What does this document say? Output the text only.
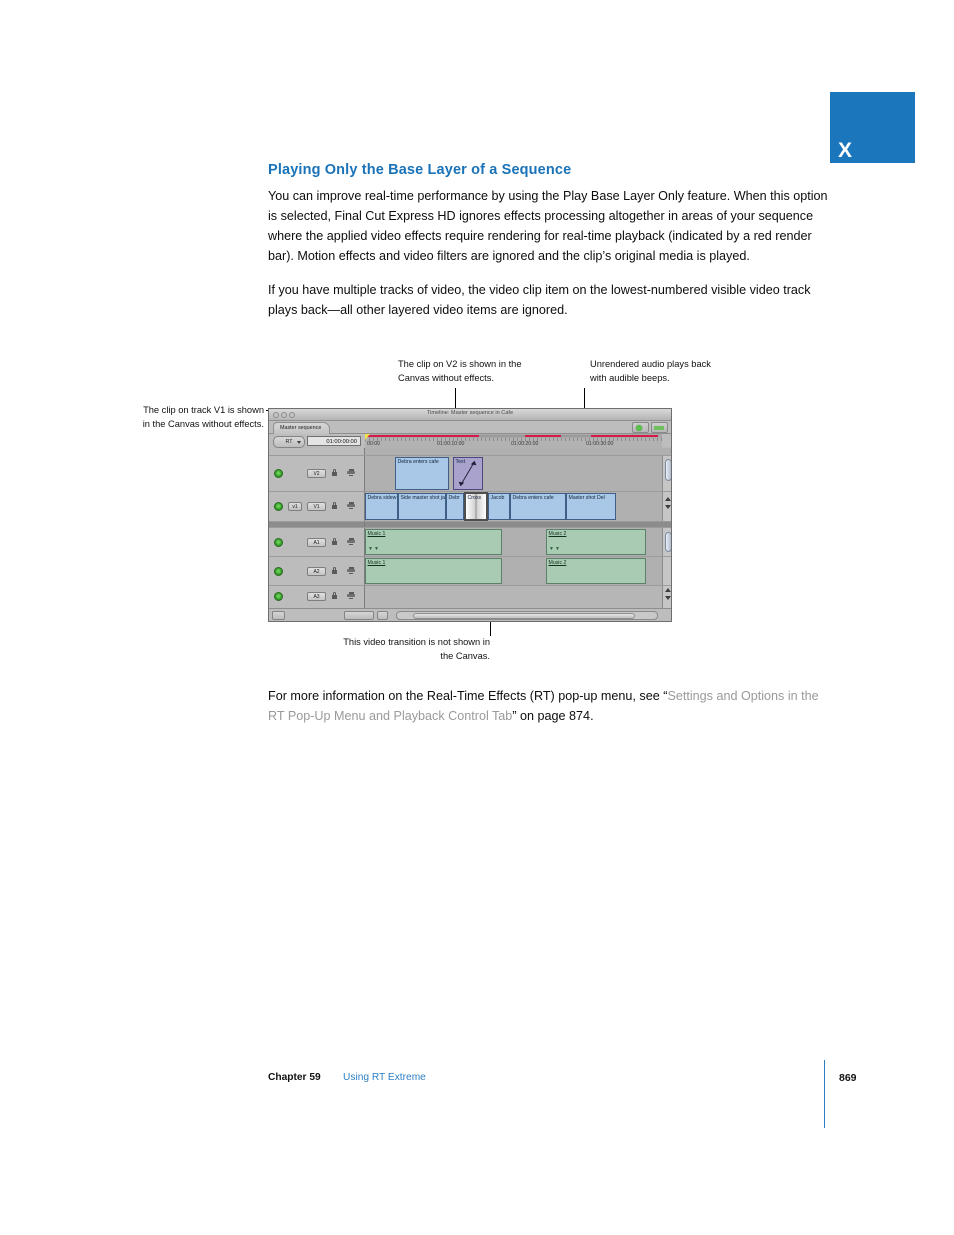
X
Playing Only the Base Layer of a Sequence

You can improve real-time performance by using the Play Base Layer Only feature. When this option is selected, Final Cut Express HD ignores effects processing altogether in areas of your sequence where the applied video effects require rendering for real-time playback (indicated by a red render bar). Motion effects and video filters are ignored and the clip’s original media is played.

If you have multiple tracks of video, the video clip item on the lowest-numbered visible video track plays back—all other layered video items are ignored.

The clip on V2 is shown in the Canvas without effects.
Unrendered audio plays back with audible beeps.
The clip on track V1 is shown in the Canvas without effects.
This video transition is not shown in the Canvas.
Timeline: Master sequence in Cafe
Master sequence
RT	01:00:00:00	00:00	01:00:10:00	01:00:20:00	01:00:30:00
V2
Debra enters cafe	Text
v1	V1
Debra sidew Side master shot ja Debr	Cross	Jacob	Debra enters cafe	Master shot Del
A1
Music 1
▼▼
Music 2
▼▼
A2
Music 1	Music 2
A3

For more information on the Real-Time Effects (RT) pop-up menu, see “Settings and Options in the RT Pop-Up Menu and Playback Control Tab” on page 874.

Chapter 59 Using RT Extreme	869
